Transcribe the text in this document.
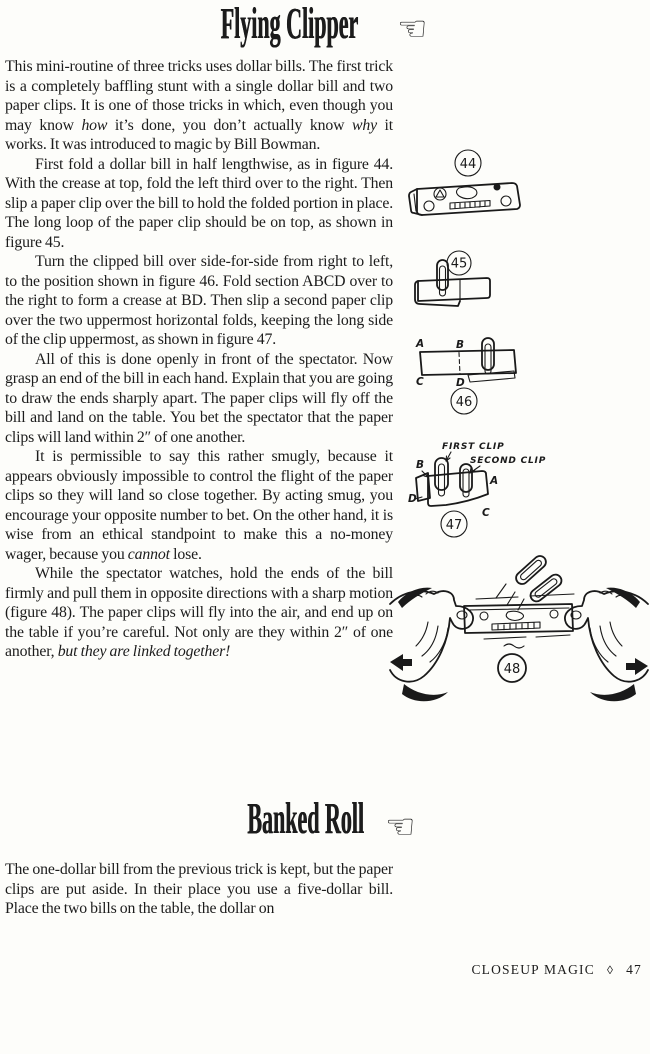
Flying Clipper	☜

This mini-routine of three tricks uses dollar bills. The first trick is a completely baffling stunt with a single dollar bill and two paper clips. It is one of those tricks in which, even though you may know how it’s done, you don’t actually know why it works. It was introduced to magic by Bill Bowman.

First fold a dollar bill in half lengthwise, as in figure 44. With the crease at top, fold the left third over to the right. Then slip a paper clip over the bill to hold the folded portion in place. The long loop of the paper clip should be on top, as shown in figure 45.

Turn the clipped bill over side-for-side from right to left, to the position shown in figure 46. Fold section ABCD over to the right to form a crease at BD. Then slip a second paper clip over the two uppermost horizontal folds, keeping the long side of the clip uppermost, as shown in figure 47.

All of this is done openly in front of the spectator. Now grasp an end of the bill in each hand. Explain that you are going to draw the ends sharply apart. The paper clips will fly off the bill and land on the table. You bet the spectator that the paper clips will land within 2″ of one another.

It is permissible to say this rather smugly, because it appears obviously impossible to control the flight of the paper clips so they will land so close together. By acting smug, you encourage your opposite number to bet. On the other hand, it is wise from an ethical standpoint to make this a no-money wager, because you cannot lose.

While the spectator watches, hold the ends of the bill firmly and pull them in opposite directions with a sharp motion (figure 48). The paper clips will fly into the air, and end up on the table if you’re careful. Not only are they within 2″ of one another, but they are linked together!

44
45
A	B
C	D
46
FIRST CLIP
SECOND CLIP
B
A
D
C
47
48
Banked Roll ☜

The one-dollar bill from the previous trick is kept, but the paper clips are put aside. In their place you use a five-dollar bill. Place the two bills on the table, the dollar on

CLOSEUP MAGIC ◊ 47
